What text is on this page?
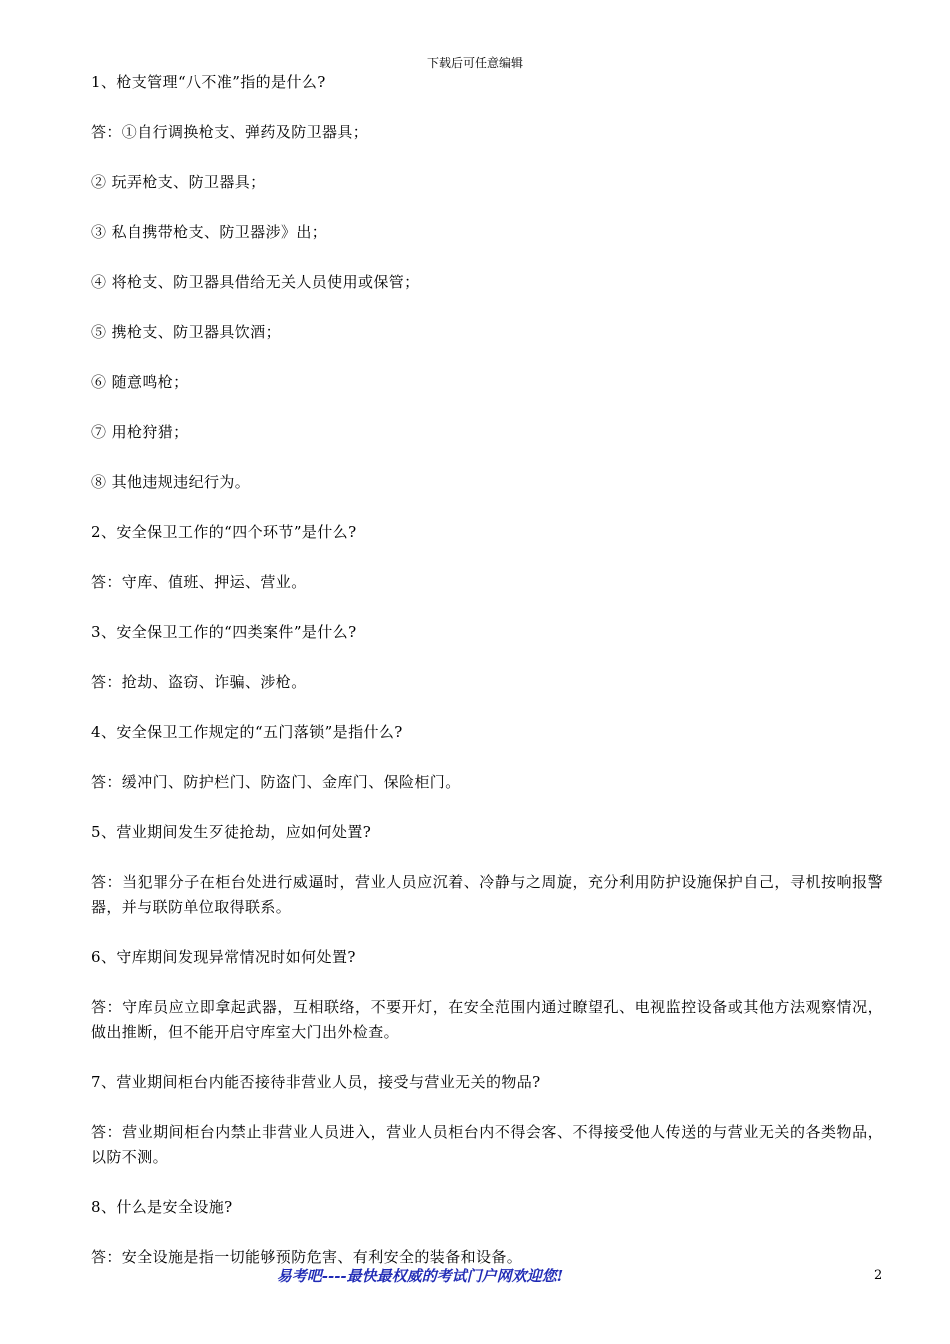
下载后可任意编辑

1、枪支管理“八不准”指的是什么?

答：①自行调换枪支、弹药及防卫器具；

② 玩弄枪支、防卫器具；

③ 私自携带枪支、防卫器涉》出；

④ 将枪支、防卫器具借给无关人员使用或保管；

⑤ 携枪支、防卫器具饮酒；

⑥ 随意鸣枪；

⑦ 用枪狩猎；

⑧ 其他违规违纪行为。

2、安全保卫工作的“四个环节”是什么?

答：守库、值班、押运、营业。

3、安全保卫工作的“四类案件”是什么?

答：抢劫、盗窃、诈骗、涉枪。

4、安全保卫工作规定的“五门落锁”是指什么?

答：缓冲门、防护栏门、防盗门、金库门、保险柜门。

5、营业期间发生歹徒抢劫，应如何处置?

答：当犯罪分子在柜台处进行威逼时，营业人员应沉着、冷静与之周旋，充分利用防护设施保护自己，寻机按响报警器，并与联防单位取得联系。

6、守库期间发现异常情况时如何处置?

答：守库员应立即拿起武器，互相联络，不要开灯，在安全范围内通过瞭望孔、电视监控设备或其他方法观察情况，做出推断，但不能开启守库室大门出外检查。

7、营业期间柜台内能否接待非营业人员，接受与营业无关的物品?

答：营业期间柜台内禁止非营业人员进入，营业人员柜台内不得会客、不得接受他人传送的与营业无关的各类物品，以防不测。

8、什么是安全设施?

答：安全设施是指一切能够预防危害、有利安全的装备和设备。

易考吧----最快最权威的考试门户网欢迎您!	2
